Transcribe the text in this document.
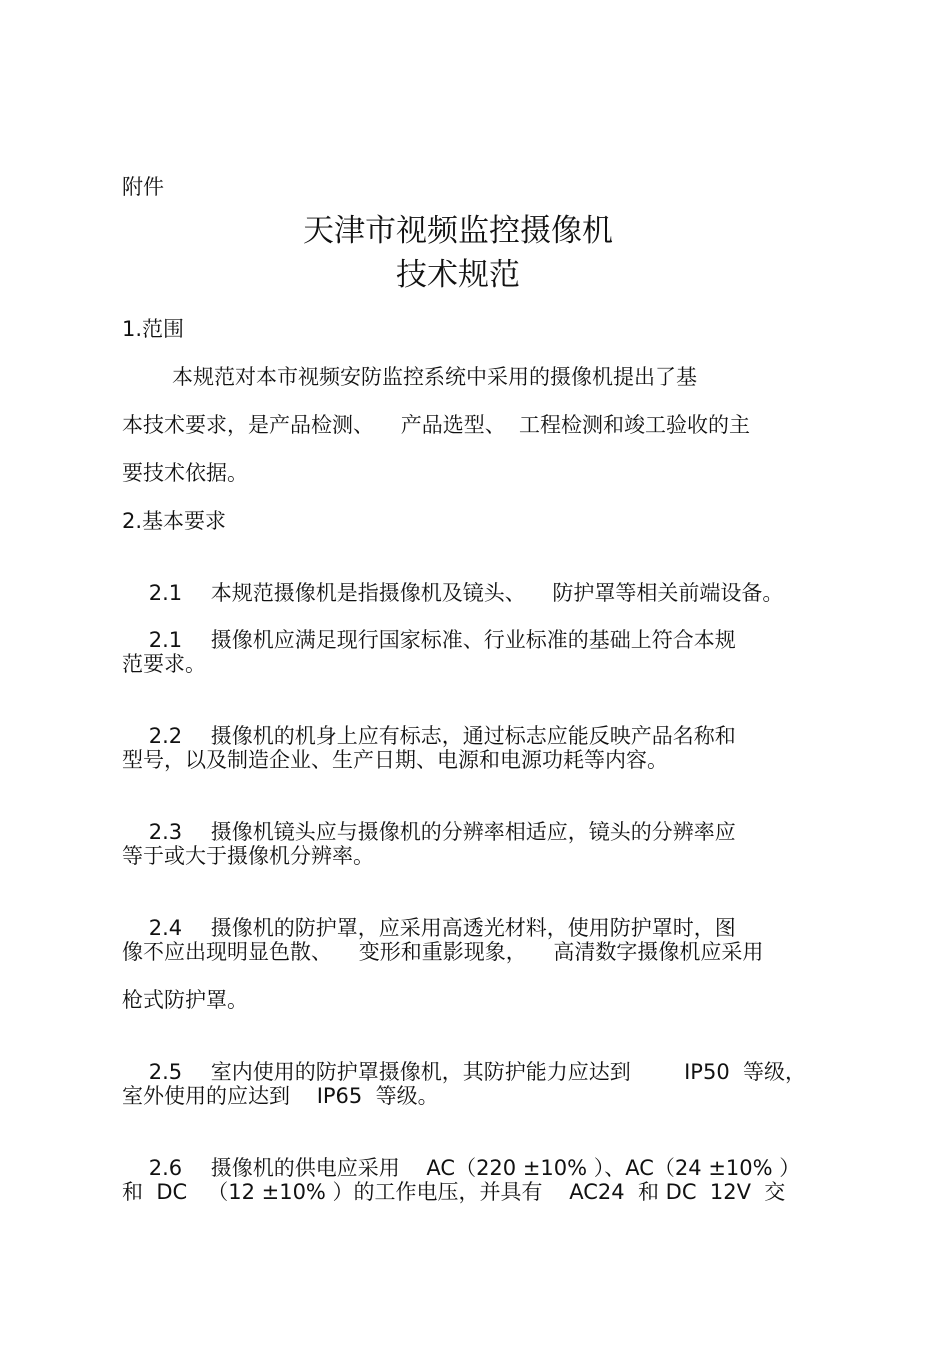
附件
天津市视频监控摄像机
技术规范
1.范围
本规范对本市视频安防监控系统中采用的摄像机提出了基
本技术要求，是产品检测、    产品选型、  工程检测和竣工验收的主
要技术依据。
2.基本要求

2.1 本规范摄像机是指摄像机及镜头、    防护罩等相关前端设备。

2.1 摄像机应满足现行国家标准、行业标准的基础上符合本规

范要求。

2.2 摄像机的机身上应有标志，通过标志应能反映产品名称和

型号，以及制造企业、生产日期、电源和电源功耗等内容。

2.3 摄像机镜头应与摄像机的分辨率相适应，镜头的分辨率应

等于或大于摄像机分辨率。

2.4 摄像机的防护罩，应采用高透光材料，使用防护罩时，图

像不应出现明显色散、    变形和重影现象，    高清数字摄像机应采用
枪式防护罩。

2.5 室内使用的防护罩摄像机，其防护能力应达到        IP50  等级，

室外使用的应达到    IP65  等级。

2.6 摄像机的供电应采用    AC（220 ±10% ）、AC（24 ±10% ）

和  DC   （12 ±10% ）的工作电压，并具有    AC24  和 DC  12V  交
